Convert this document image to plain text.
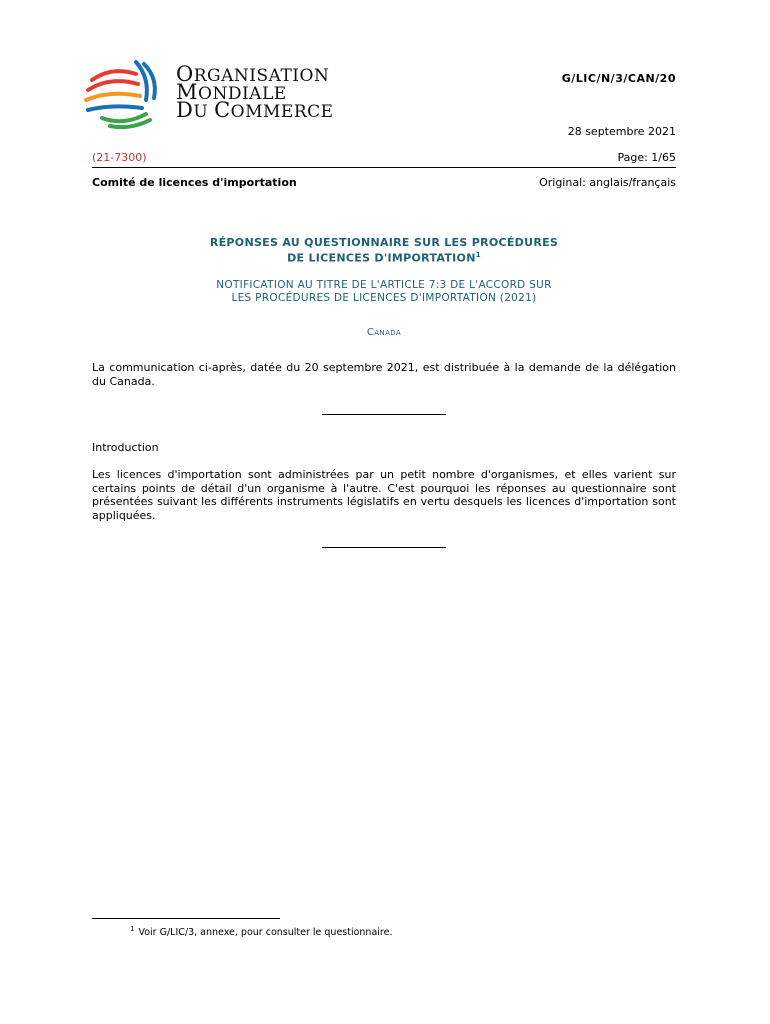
ORGANISATION
MONDIALE
DU COMMERCE
G/LIC/N/3/CAN/20
28 septembre 2021
(21-7300)	Page: 1/65
Comité de licences d'importation	Original: anglais/français
RÉPONSES AU QUESTIONNAIRE SUR LES PROCÉDURES
DE LICENCES D'IMPORTATION$^1$
NOTIFICATION AU TITRE DE L'ARTICLE 7:3 DE L'ACCORD SUR
LES PROCÉDURES DE LICENCES D'IMPORTATION (2021)
Canada
La communication ci-après, datée du 20 septembre 2021, est distribuée à la demande de la délégation du Canada.
Introduction
Les licences d'importation sont administrées par un petit nombre d'organismes, et elles varient sur certains points de détail d'un organisme à l'autre. C'est pourquoi les réponses au questionnaire sont présentées suivant les différents instruments législatifs en vertu desquels les licences d'importation sont appliquées.
$^1$ Voir G/LIC/3, annexe, pour consulter le questionnaire.
